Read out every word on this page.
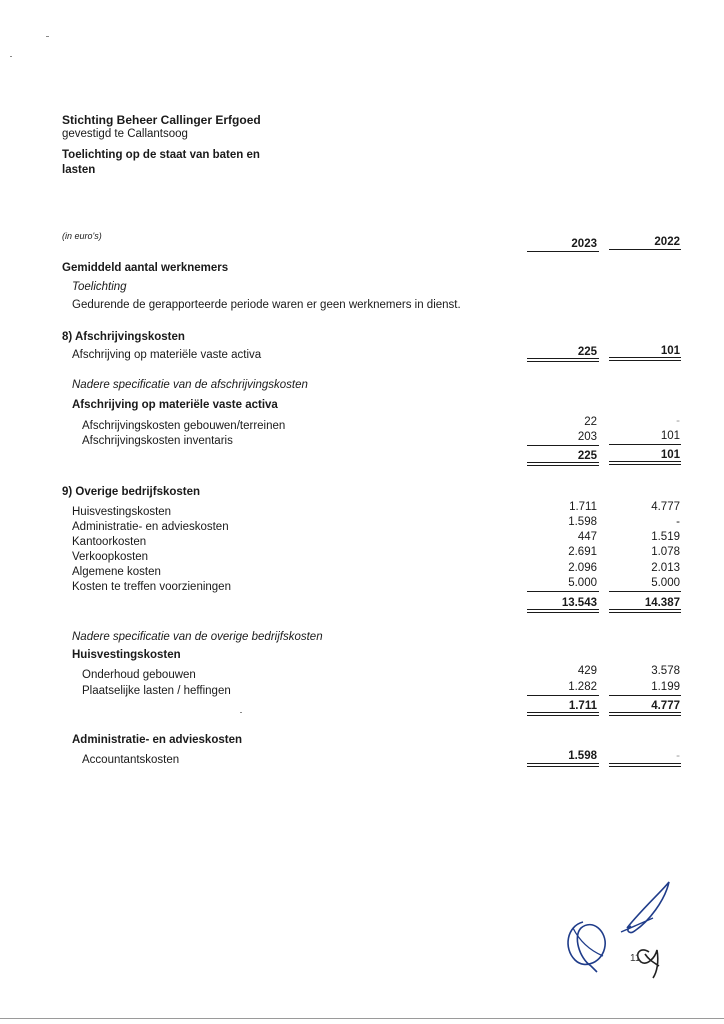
Stichting Beheer Callinger Erfgoed
gevestigd te Callantsoog
Toelichting op de staat van baten en
lasten
(in euro's)
2023	2022
Gemiddeld aantal werknemers
Toelichting
Gedurende de gerapporteerde periode waren er geen werknemers in dienst.
8) Afschrijvingskosten
Afschrijving op materiële vaste activa	225	101
Nadere specificatie van de afschrijvingskosten
Afschrijving op materiële vaste activa
Afschrijvingskosten gebouwen/terreinen	22	-
Afschrijvingskosten inventaris	203	101
225	101
9) Overige bedrijfskosten
Huisvestingskosten	1.711	4.777
Administratie- en advieskosten	1.598	-
Kantoorkosten	447	1.519
Verkoopkosten	2.691	1.078
Algemene kosten	2.096	2.013
Kosten te treffen voorzieningen	5.000	5.000
13.543	14.387
Nadere specificatie van de overige bedrijfskosten
Huisvestingskosten
Onderhoud gebouwen	429	3.578
Plaatselijke lasten / heffingen	1.282	1.199
1.711	4.777
Administratie- en advieskosten
Accountantskosten	1.598	-
11
